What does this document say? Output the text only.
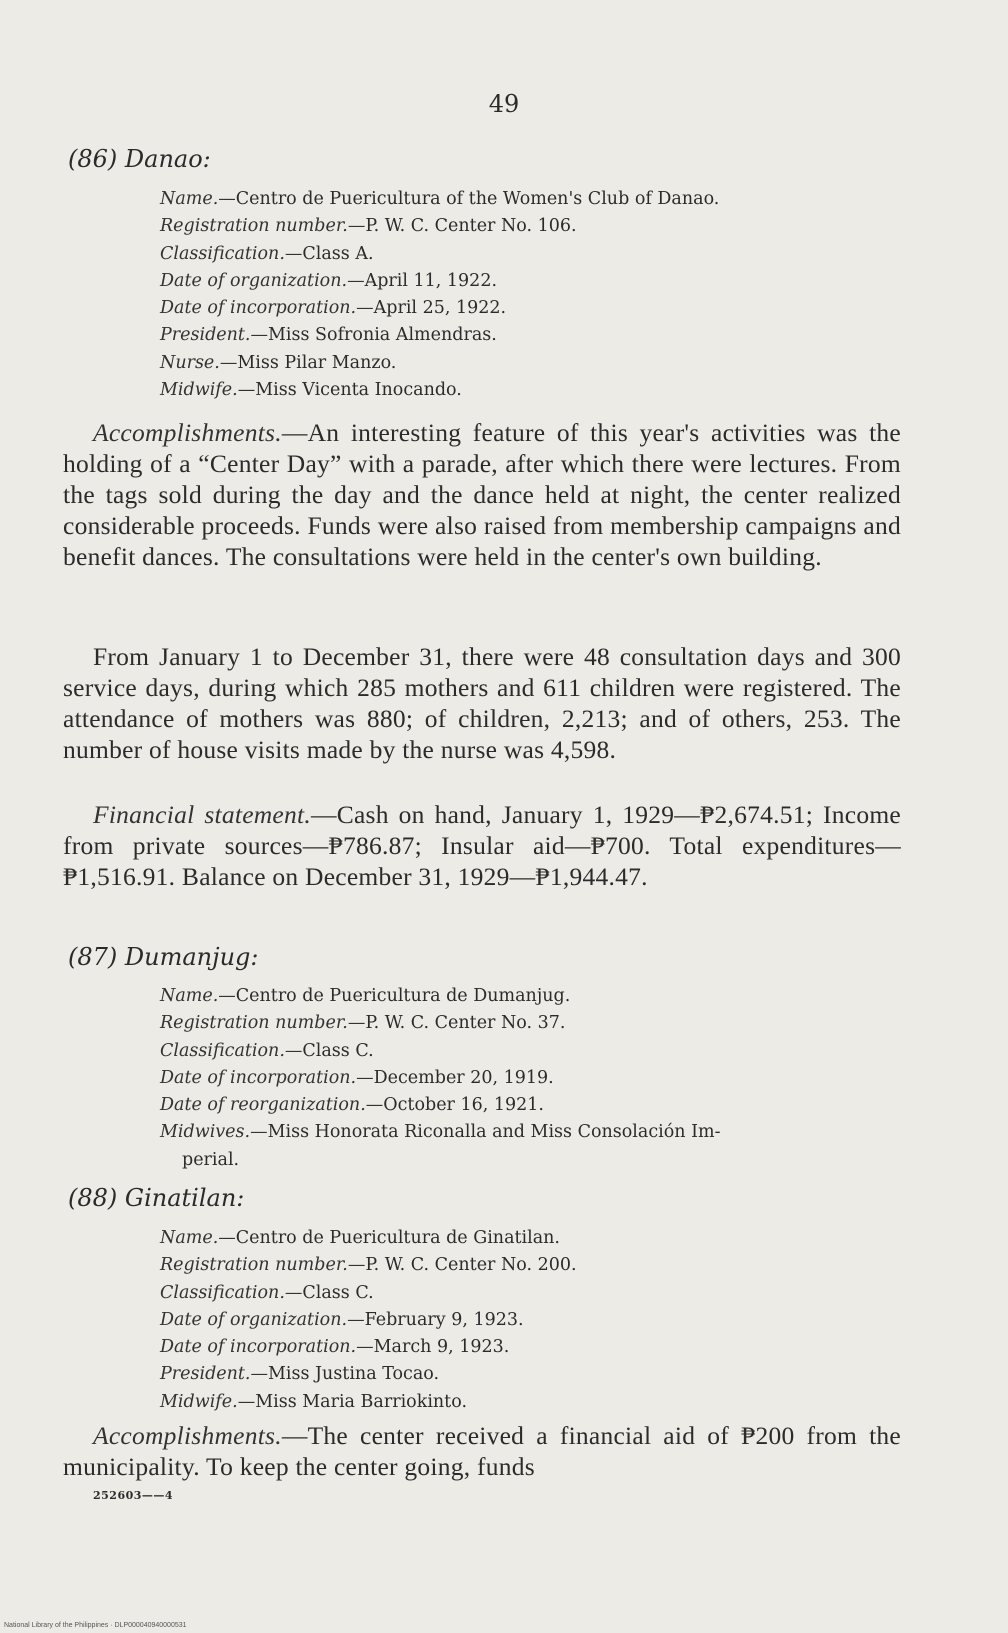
49
(86) Danao:
Name.—Centro de Puericultura of the Women's Club of Danao.
Registration number.—P. W. C. Center No. 106.
Classification.—Class A.
Date of organization.—April 11, 1922.
Date of incorporation.—April 25, 1922.
President.—Miss Sofronia Almendras.
Nurse.—Miss Pilar Manzo.
Midwife.—Miss Vicenta Inocando.
Accomplishments.—An interesting feature of this year's activities was the holding of a “Center Day” with a parade, after which there were lectures. From the tags sold during the day and the dance held at night, the center realized considerable proceeds. Funds were also raised from membership campaigns and benefit dances. The consultations were held in the center's own building.
From January 1 to December 31, there were 48 consultation days and 300 service days, during which 285 mothers and 611 children were registered. The attendance of mothers was 880; of children, 2,213; and of others, 253. The number of house visits made by the nurse was 4,598.
Financial statement.—Cash on hand, January 1, 1929—₱2,674.51; Income from private sources—₱786.87; Insular aid—₱700. Total expenditures—₱1,516.91. Balance on December 31, 1929—₱1,944.47.
(87) Dumanjug:
Name.—Centro de Puericultura de Dumanjug.
Registration number.—P. W. C. Center No. 37.
Classification.—Class C.
Date of incorporation.—December 20, 1919.
Date of reorganization.—October 16, 1921.
Midwives.—Miss Honorata Riconalla and Miss Consolación Im-
perial.
(88) Ginatilan:
Name.—Centro de Puericultura de Ginatilan.
Registration number.—P. W. C. Center No. 200.
Classification.—Class C.
Date of organization.—February 9, 1923.
Date of incorporation.—March 9, 1923.
President.—Miss Justina Tocao.
Midwife.—Miss Maria Barriokinto.
Accomplishments.—The center received a financial aid of ₱200 from the municipality. To keep the center going, funds
252603——4
National Library of the Philippines · DLP000040940000531
